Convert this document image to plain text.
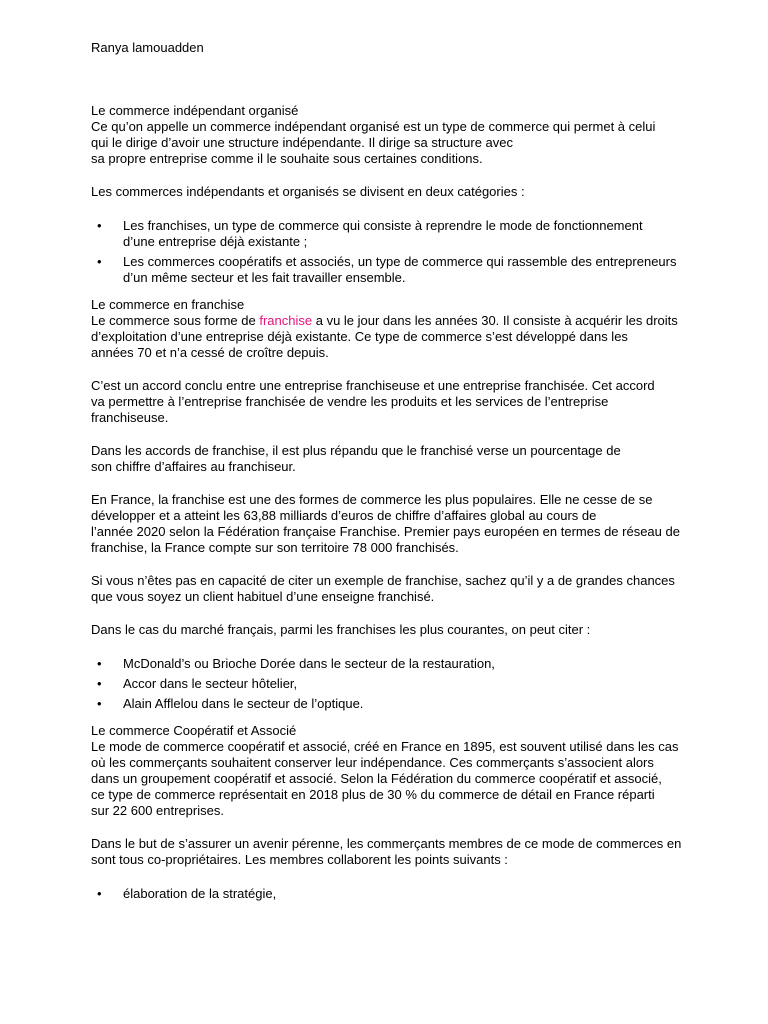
Ranya lamouadden

Le commerce indépendant organisé

Ce qu’on appelle un commerce indépendant organisé est un type de commerce qui permet à celui

qui le dirige d’avoir une structure indépendante. Il dirige sa structure avec

sa propre entreprise comme il le souhaite sous certaines conditions.

Les commerces indépendants et organisés se divisent en deux catégories :

• Les franchises, un type de commerce qui consiste à reprendre le mode de fonctionnement

d’une entreprise déjà existante ;

• Les commerces coopératifs et associés, un type de commerce qui rassemble des entrepreneurs

d’un même secteur et les fait travailler ensemble.

Le commerce en franchise

Le commerce sous forme de franchise a vu le jour dans les années 30. Il consiste à acquérir les droits

d’exploitation d’une entreprise déjà existante. Ce type de commerce s’est développé dans les

années 70 et n’a cessé de croître depuis.

C’est un accord conclu entre une entreprise franchiseuse et une entreprise franchisée. Cet accord

va permettre à l’entreprise franchisée de vendre les produits et les services de l’entreprise

franchiseuse.

Dans les accords de franchise, il est plus répandu que le franchisé verse un pourcentage de

son chiffre d’affaires au franchiseur.

En France, la franchise est une des formes de commerce les plus populaires. Elle ne cesse de se

développer et a atteint les 63,88 milliards d’euros de chiffre d’affaires global au cours de

l’année 2020 selon la Fédération française Franchise. Premier pays européen en termes de réseau de

franchise, la France compte sur son territoire 78 000 franchisés.

Si vous n’êtes pas en capacité de citer un exemple de franchise, sachez qu’il y a de grandes chances

que vous soyez un client habituel d’une enseigne franchisé.

Dans le cas du marché français, parmi les franchises les plus courantes, on peut citer :

• McDonald’s ou Brioche Dorée dans le secteur de la restauration,

• Accor dans le secteur hôtelier,

• Alain Afflelou dans le secteur de l’optique.

Le commerce Coopératif et Associé

Le mode de commerce coopératif et associé, créé en France en 1895, est souvent utilisé dans les cas

où les commerçants souhaitent conserver leur indépendance. Ces commerçants s’associent alors

dans un groupement coopératif et associé. Selon la Fédération du commerce coopératif et associé,

ce type de commerce représentait en 2018 plus de 30 % du commerce de détail en France réparti

sur 22 600 entreprises.

Dans le but de s’assurer un avenir pérenne, les commerçants membres de ce mode de commerces en

sont tous co-propriétaires. Les membres collaborent les points suivants :

• élaboration de la stratégie,
